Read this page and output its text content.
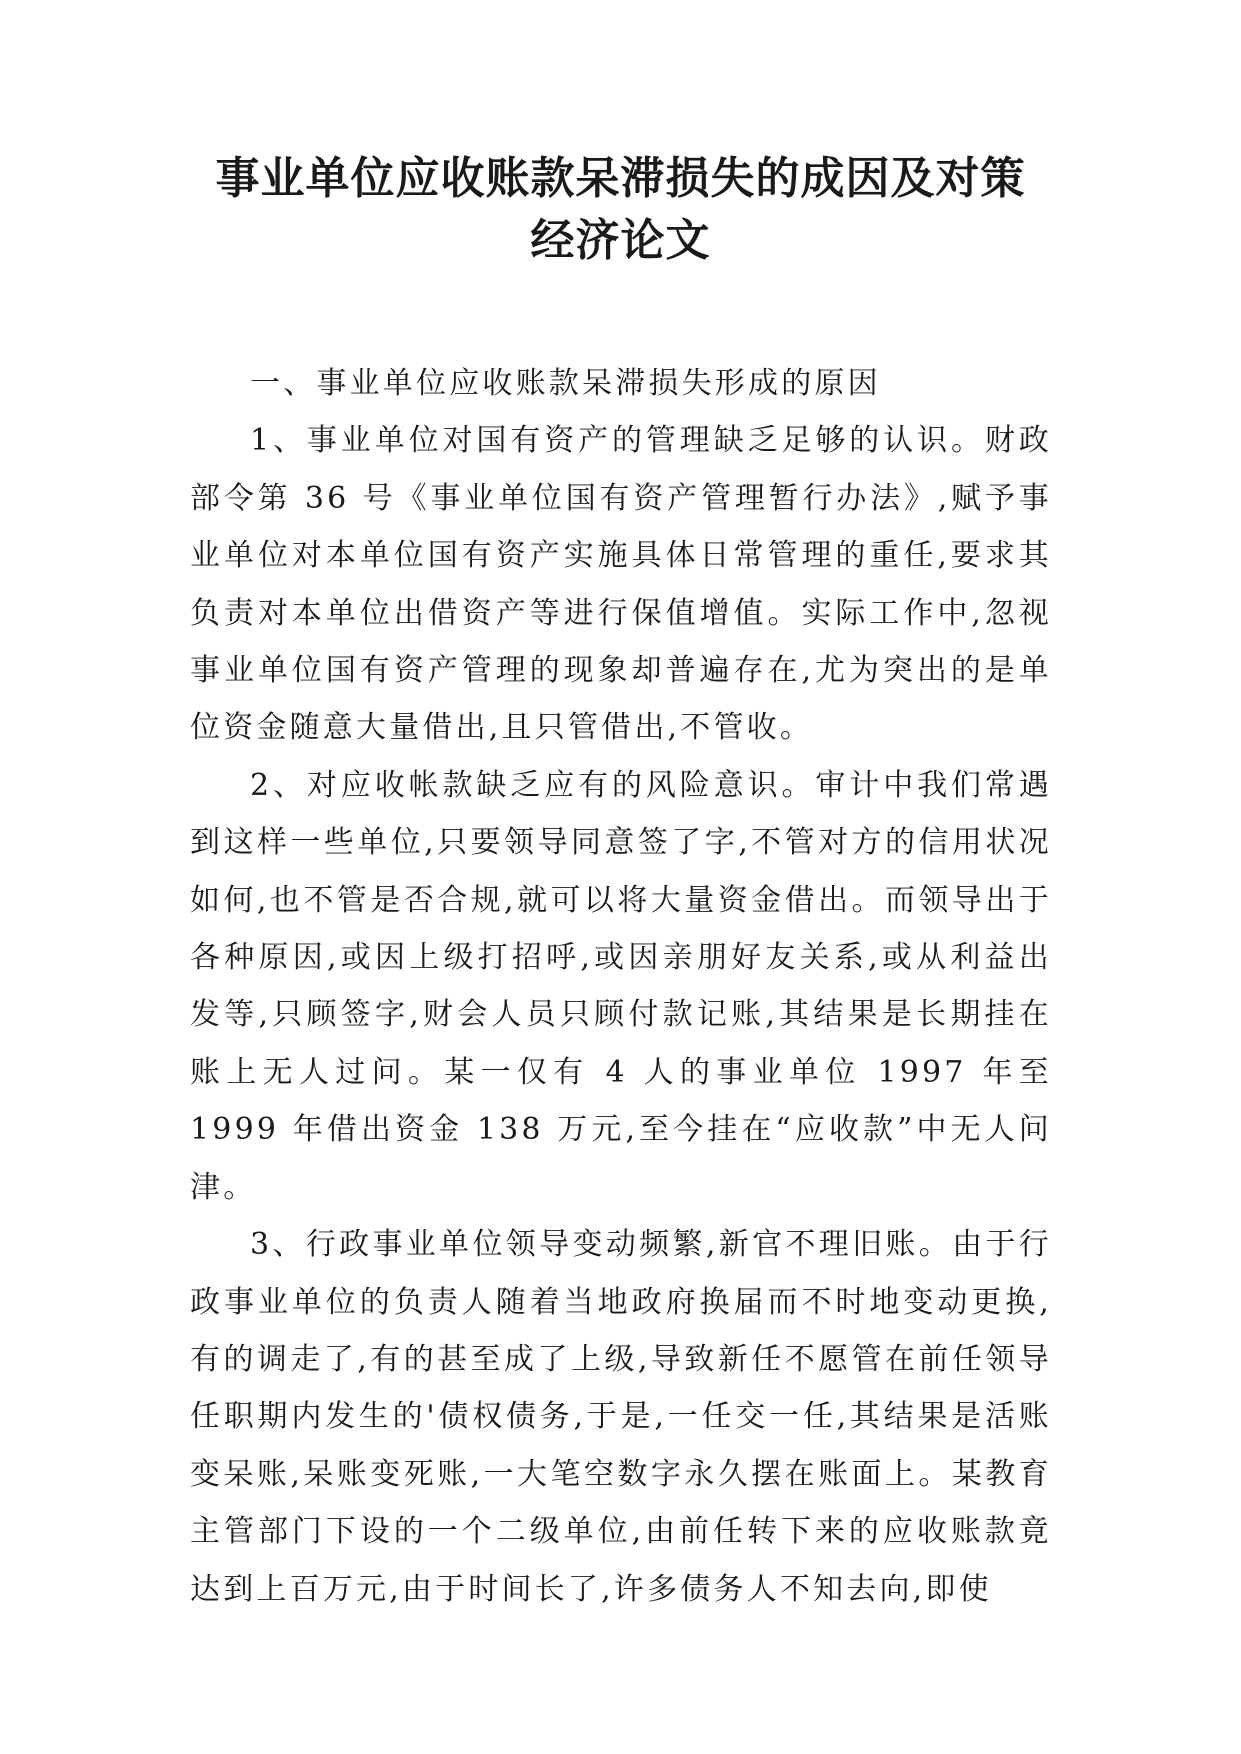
事业单位应收账款呆滞损失的成因及对策
经济论文

一、事业单位应收账款呆滞损失形成的原因

1、事业单位对国有资产的管理缺乏足够的认识。财政部令第 36 号《事业单位国有资产管理暂行办法》,赋予事业单位对本单位国有资产实施具体日常管理的重任,要求其负责对本单位出借资产等进行保值增值。实际工作中,忽视事业单位国有资产管理的现象却普遍存在,尤为突出的是单位资金随意大量借出,且只管借出,不管收。

2、对应收帐款缺乏应有的风险意识。审计中我们常遇到这样一些单位,只要领导同意签了字,不管对方的信用状况如何,也不管是否合规,就可以将大量资金借出。而领导出于各种原因,或因上级打招呼,或因亲朋好友关系,或从利益出发等,只顾签字,财会人员只顾付款记账,其结果是长期挂在账上无人过问。某一仅有 4 人的事业单位 1997 年至 1999 年借出资金 138 万元,至今挂在“应收款”中无人问津。

3、行政事业单位领导变动频繁,新官不理旧账。由于行政事业单位的负责人随着当地政府换届而不时地变动更换,有的调走了,有的甚至成了上级,导致新任不愿管在前任领导任职期内发生的'债权债务,于是,一任交一任,其结果是活账变呆账,呆账变死账,一大笔空数字永久摆在账面上。某教育主管部门下设的一个二级单位,由前任转下来的应收账款竟达到上百万元,由于时间长了,许多债务人不知去向,即使
